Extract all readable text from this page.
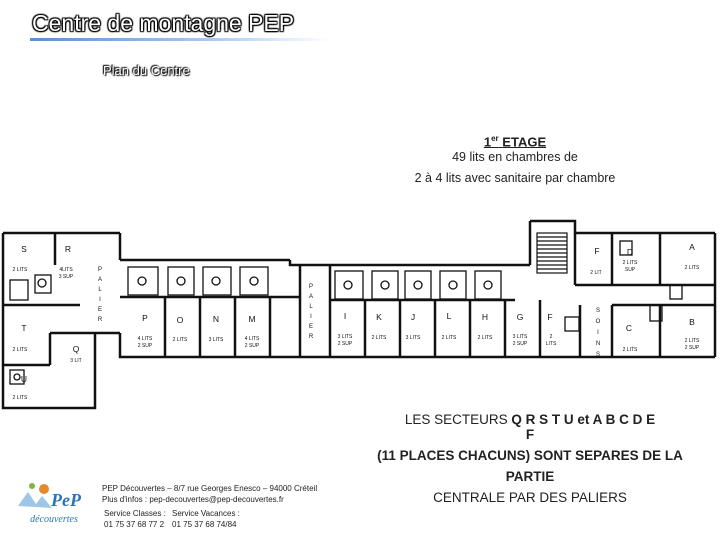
Centre de montagne PEP
Plan du Centre
1er ETAGE
49 lits en chambres de
2 à 4 lits avec sanitaire par chambre
S
2 LITS
R
4LITS
3 SUP
T
2 LITS	Q
3 LIT
U
2 LITS
P
4 LITS
2 SUP
O
2 LITS
N
3 LITS
M
4 LITS
2 SUP
I
3 LITS
2 SUP
K
2 LITS
J
3 LITS
L
2 LITS
H
2 LITS
G
3 LITS
2 SUP
F
2
LITS
F
2 LIT
D
2 LITS
SUP
A
2 LITS
C
2 LITS
B
2 LITS
2 SUP
P
A
L
I
E
R
P
A
L
I
E
R
S
O
I
N
S
LES SECTEURS Q R S T U et A B C D E F
(11 PLACES CHACUNS) SONT SEPARES DE LA PARTIE
CENTRALE PAR DES PALIERS
PeP
découvertes
PEP Découvertes – 8/7 rue Georges Enesco – 94000 Créteil
Plus d'infos : pep-decouvertes@pep-decouvertes.fr
Service Classes :
01 75 37 68 77 2
Service Vacances :
01 75 37 68 74/84
